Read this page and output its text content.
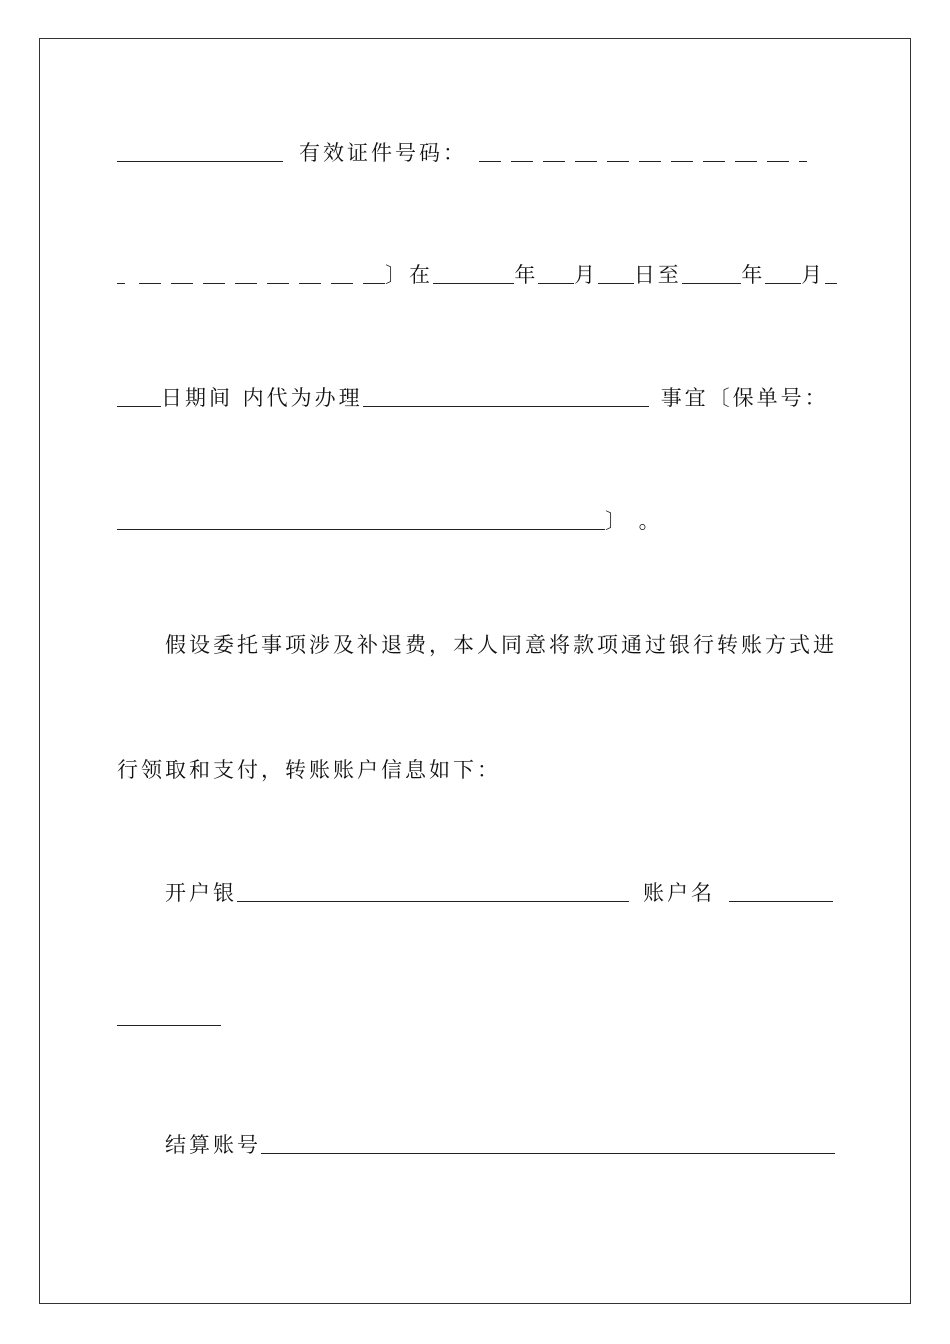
有效证件号码：
〕在	年 月 日至	年 月
日期间 内代为办理	事宜〔保单号：
〕 。
假设委托事项涉及补退费，本人同意将款项通过银行转账方式进
行领取和支付，转账账户信息如下：
开户银	账户名
结算账号
